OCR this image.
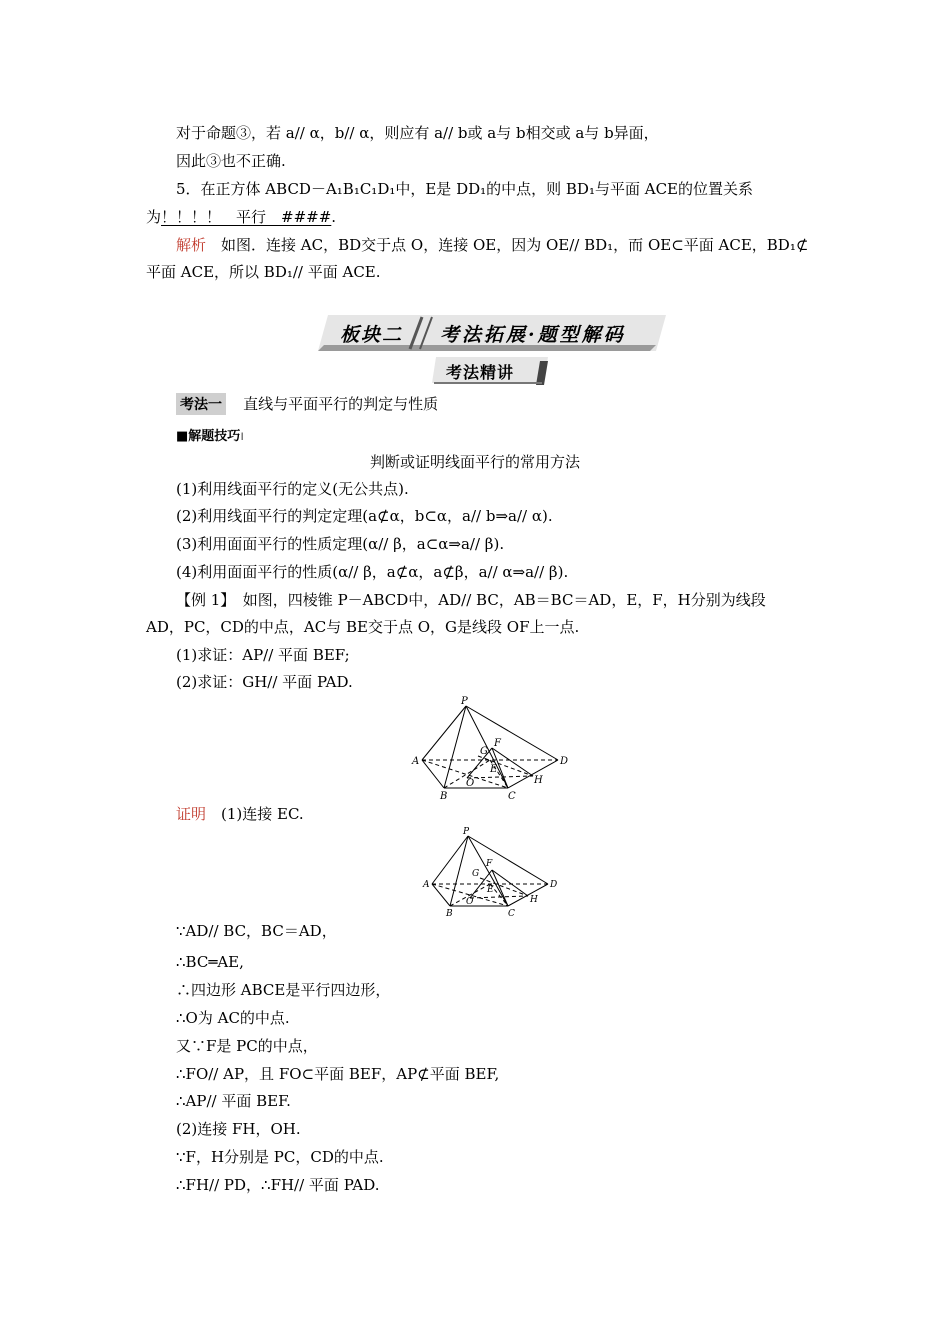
对于命题③，若 a// α，b// α，则应有 a// b或 a与 b相交或 a与 b异面，
因此③也不正确.
5．在正方体 ABCD－A₁B₁C₁D₁中，E是 DD₁的中点，则 BD₁与平面 ACE的位置关系
为！！！！　平行　####.
解析　如图．连接 AC，BD交于点 O，连接 OE，因为 OE// BD₁，而 OE⊂平面 ACE，BD₁⊄
平面 ACE，所以 BD₁// 平面 ACE.
板块二 考法拓展·题型解码
考法精讲
考法一 直线与平面平行的判定与性质
■解题技巧ı
判断或证明线面平行的常用方法
(1)利用线面平行的定义(无公共点).
(2)利用线面平行的判定定理(a⊄α，b⊂α，a// b⇒a// α).
(3)利用面面平行的性质定理(α// β，a⊂α⇒a// β).
(4)利用面面平行的性质(α// β，a⊄α，a⊄β，a// α⇒a// β).
【例 1】　如图，四棱锥 P－ABCD中，AD// BC，AB＝BC＝AD，E，F，H分别为线段
AD，PC，CD的中点，AC与 BE交于点 O，G是线段 OF上一点.
(1)求证：AP// 平面 BEF;
(2)求证：GH// 平面 PAD.
P
A
B	C
D
G
F
E
O	H
证明　(1)连接 EC.
P
A
B	C
D
G
F
E
O	H
∵AD// BC，BC＝AD，
∴BC═AE,
∴四边形 ABCE是平行四边形，
∴O为 AC的中点.
又∵F是 PC的中点，
∴FO// AP，且 FO⊂平面 BEF，AP⊄平面 BEF,
∴AP// 平面 BEF.
(2)连接 FH，OH.
∵F，H分别是 PC，CD的中点.
∴FH// PD，∴FH// 平面 PAD.
